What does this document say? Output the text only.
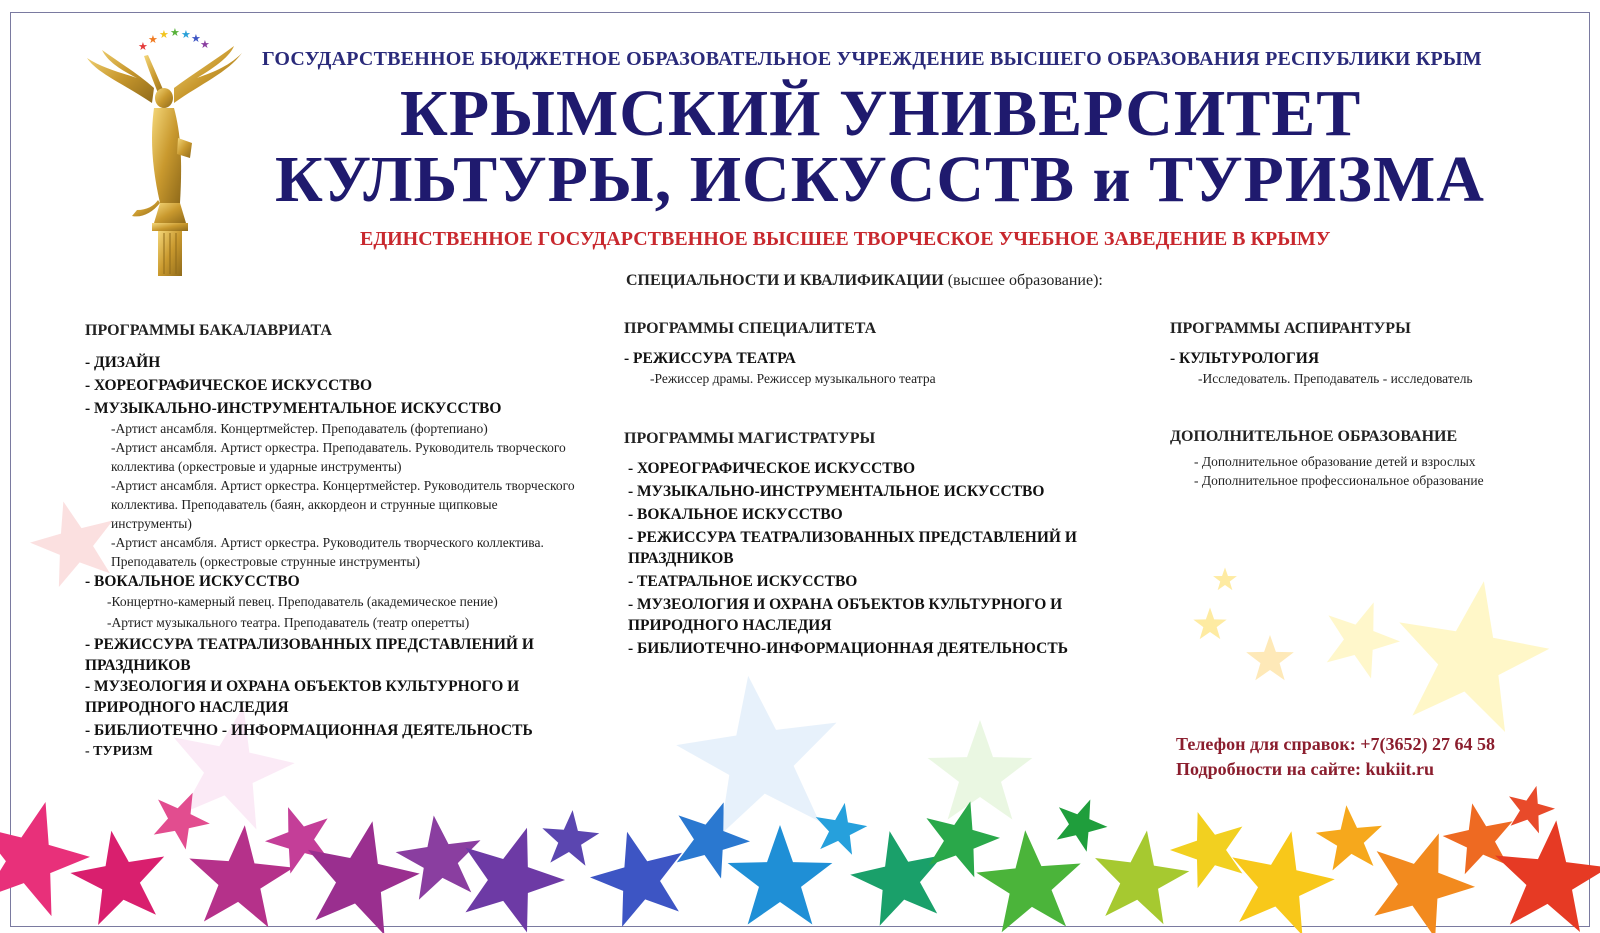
★
★ ★ ★ ★ ★ ★
ГОСУДАРСТВЕННОЕ БЮДЖЕТНОЕ ОБРАЗОВАТЕЛЬНОЕ УЧРЕЖДЕНИЕ ВЫСШЕГО ОБРАЗОВАНИЯ РЕСПУБЛИКИ КРЫМ
КРЫМСКИЙ УНИВЕРСИТЕТ
КУЛЬТУРЫ, ИСКУССТВ и ТУРИЗМА
ЕДИНСТВЕННОЕ ГОСУДАРСТВЕННОЕ ВЫСШЕЕ ТВОРЧЕСКОЕ УЧЕБНОЕ ЗАВЕДЕНИЕ В КРЫМУ
СПЕЦИАЛЬНОСТИ И КВАЛИФИКАЦИИ (высшее образование):
ПРОГРАММЫ БАКАЛАВРИАТА
- ДИЗАЙН
- ХОРЕОГРАФИЧЕСКОЕ ИСКУССТВО
- МУЗЫКАЛЬНО-ИНСТРУМЕНТАЛЬНОЕ ИСКУССТВО
-Артист ансамбля. Концертмейстер. Преподаватель (фортепиано)
-Артист ансамбля. Артист оркестра. Преподаватель. Руководитель творческого коллектива (оркестровые и ударные инструменты)
-Артист ансамбля. Артист оркестра. Концертмейстер. Руководитель творческого коллектива. Преподаватель (баян, аккордеон и струнные щипковые инструменты)
-Артист ансамбля. Артист оркестра. Руководитель творческого коллектива. Преподаватель (оркестровые струнные инструменты)
- ВОКАЛЬНОЕ ИСКУССТВО
-Концертно-камерный певец. Преподаватель (академическое пение)
-Артист музыкального театра. Преподаватель (театр оперетты)
- РЕЖИССУРА ТЕАТРАЛИЗОВАННЫХ ПРЕДСТАВЛЕНИЙ И ПРАЗДНИКОВ
- МУЗЕОЛОГИЯ И ОХРАНА ОБЪЕКТОВ КУЛЬТУРНОГО И ПРИРОДНОГО НАСЛЕДИЯ
- БИБЛИОТЕЧНО - ИНФОРМАЦИОННАЯ ДЕЯТЕЛЬНОСТЬ
- ТУРИЗМ
ПРОГРАММЫ СПЕЦИАЛИТЕТА
- РЕЖИССУРА ТЕАТРА
-Режиссер драмы. Режиссер музыкального театра
ПРОГРАММЫ МАГИСТРАТУРЫ
- ХОРЕОГРАФИЧЕСКОЕ ИСКУССТВО
- МУЗЫКАЛЬНО-ИНСТРУМЕНТАЛЬНОЕ ИСКУССТВО
- ВОКАЛЬНОЕ ИСКУССТВО
- РЕЖИССУРА ТЕАТРАЛИЗОВАННЫХ ПРЕДСТАВЛЕНИЙ И ПРАЗДНИКОВ
- ТЕАТРАЛЬНОЕ ИСКУССТВО
- МУЗЕОЛОГИЯ И ОХРАНА ОБЪЕКТОВ КУЛЬТУРНОГО И ПРИРОДНОГО НАСЛЕДИЯ
- БИБЛИОТЕЧНО-ИНФОРМАЦИОННАЯ ДЕЯТЕЛЬНОСТЬ
ПРОГРАММЫ АСПИРАНТУРЫ
- КУЛЬТУРОЛОГИЯ
-Исследователь. Преподаватель - исследователь
ДОПОЛНИТЕЛЬНОЕ ОБРАЗОВАНИЕ
- Дополнительное образование детей и взрослых
- Дополнительное профессиональное образование
Телефон для справок: +7(3652) 27 64 58
Подробности на сайте: kukiit.ru
